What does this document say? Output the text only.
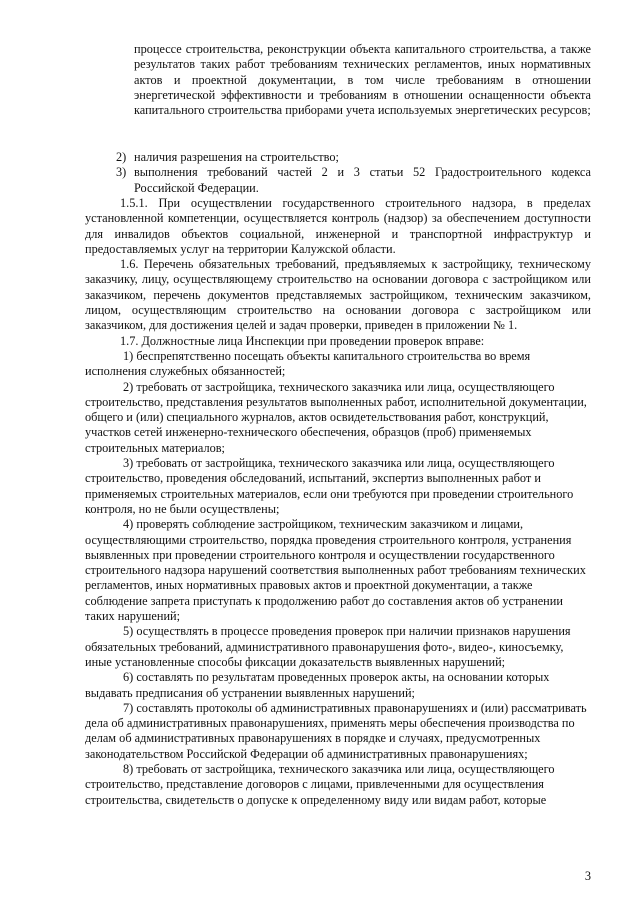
процессе строительства, реконструкции объекта капитального строительства, а также результатов таких работ требованиям технических регламентов, иных нормативных актов и проектной документации, в том числе требованиям в отношении энергетической эффективности и требованиям в отношении оснащенности объекта капитального строительства приборами учета используемых энергетических ресурсов;

2) наличия разрешения на строительство;
3) выполнения требований частей 2 и 3 статьи 52 Градостроительного кодекса Российской Федерации.

1.5.1. При осуществлении государственного строительного надзора, в пределах установленной компетенции, осуществляется контроль (надзор) за обеспечением доступности для инвалидов объектов социальной, инженерной и транспортной инфраструктур и предоставляемых услуг на территории Калужской области.

1.6. Перечень обязательных требований, предъявляемых к застройщику, техническому заказчику, лицу, осуществляющему строительство на основании договора с застройщиком или заказчиком, перечень документов представляемых застройщиком, техническим заказчиком, лицом, осуществляющим строительство на основании договора с застройщиком или заказчиком, для достижения целей и задач проверки, приведен в приложении № 1.

1.7. Должностные лица Инспекции при проведении проверок вправе:

1) беспрепятственно посещать объекты капитального строительства во время исполнения служебных обязанностей;

2) требовать от застройщика, технического заказчика или лица, осуществляющего строительство, представления результатов выполненных работ, исполнительной документации, общего и (или) специального журналов, актов освидетельствования работ, конструкций, участков сетей инженерно-технического обеспечения, образцов (проб) применяемых строительных материалов;

3) требовать от застройщика, технического заказчика или лица, осуществляющего строительство, проведения обследований, испытаний, экспертиз выполненных работ и применяемых строительных материалов, если они требуются при проведении строительного контроля, но не были осуществлены;

4) проверять соблюдение застройщиком, техническим заказчиком и лицами, осуществляющими строительство, порядка проведения строительного контроля, устранения выявленных при проведении строительного контроля и осуществлении государственного строительного надзора нарушений соответствия выполненных работ требованиям технических регламентов, иных нормативных правовых актов и проектной документации, а также соблюдение запрета приступать к продолжению работ до составления актов об устранении таких нарушений;

5) осуществлять в процессе проведения проверок при наличии признаков нарушения обязательных требований, административного правонарушения фото-, видео-, киносъемку, иные установленные способы фиксации доказательств выявленных нарушений;

6) составлять по результатам проведенных проверок акты, на основании которых выдавать предписания об устранении выявленных нарушений;

7) составлять протоколы об административных правонарушениях и (или) рассматривать дела об административных правонарушениях, применять меры обеспечения производства по делам об административных правонарушениях в порядке и случаях, предусмотренных законодательством Российской Федерации об административных правонарушениях;

8) требовать от застройщика, технического заказчика или лица, осуществляющего строительство, представление договоров с лицами, привлеченными для осуществления строительства, свидетельств о допуске к определенному виду или видам работ, которые

3
